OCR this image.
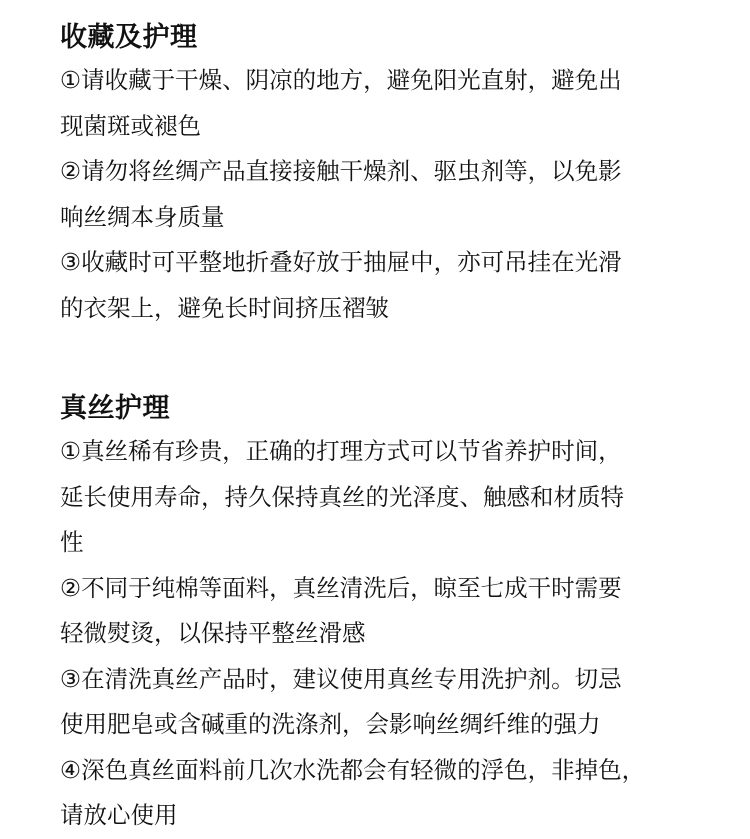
收藏及护理

①请收藏于干燥、阴凉的地方，避免阳光直射，避免出

现菌斑或褪色

②请勿将丝绸产品直接接触干燥剂、驱虫剂等，以免影

响丝绸本身质量

③收藏时可平整地折叠好放于抽屉中，亦可吊挂在光滑

的衣架上，避免长时间挤压褶皱

真丝护理

①真丝稀有珍贵，正确的打理方式可以节省养护时间，

延长使用寿命，持久保持真丝的光泽度、触感和材质特

性

②不同于纯棉等面料，真丝清洗后，晾至七成干时需要

轻微熨烫，以保持平整丝滑感

③在清洗真丝产品时，建议使用真丝专用洗护剂。切忌

使用肥皂或含碱重的洗涤剂，会影响丝绸纤维的强力

④深色真丝面料前几次水洗都会有轻微的浮色，非掉色，

请放心使用
